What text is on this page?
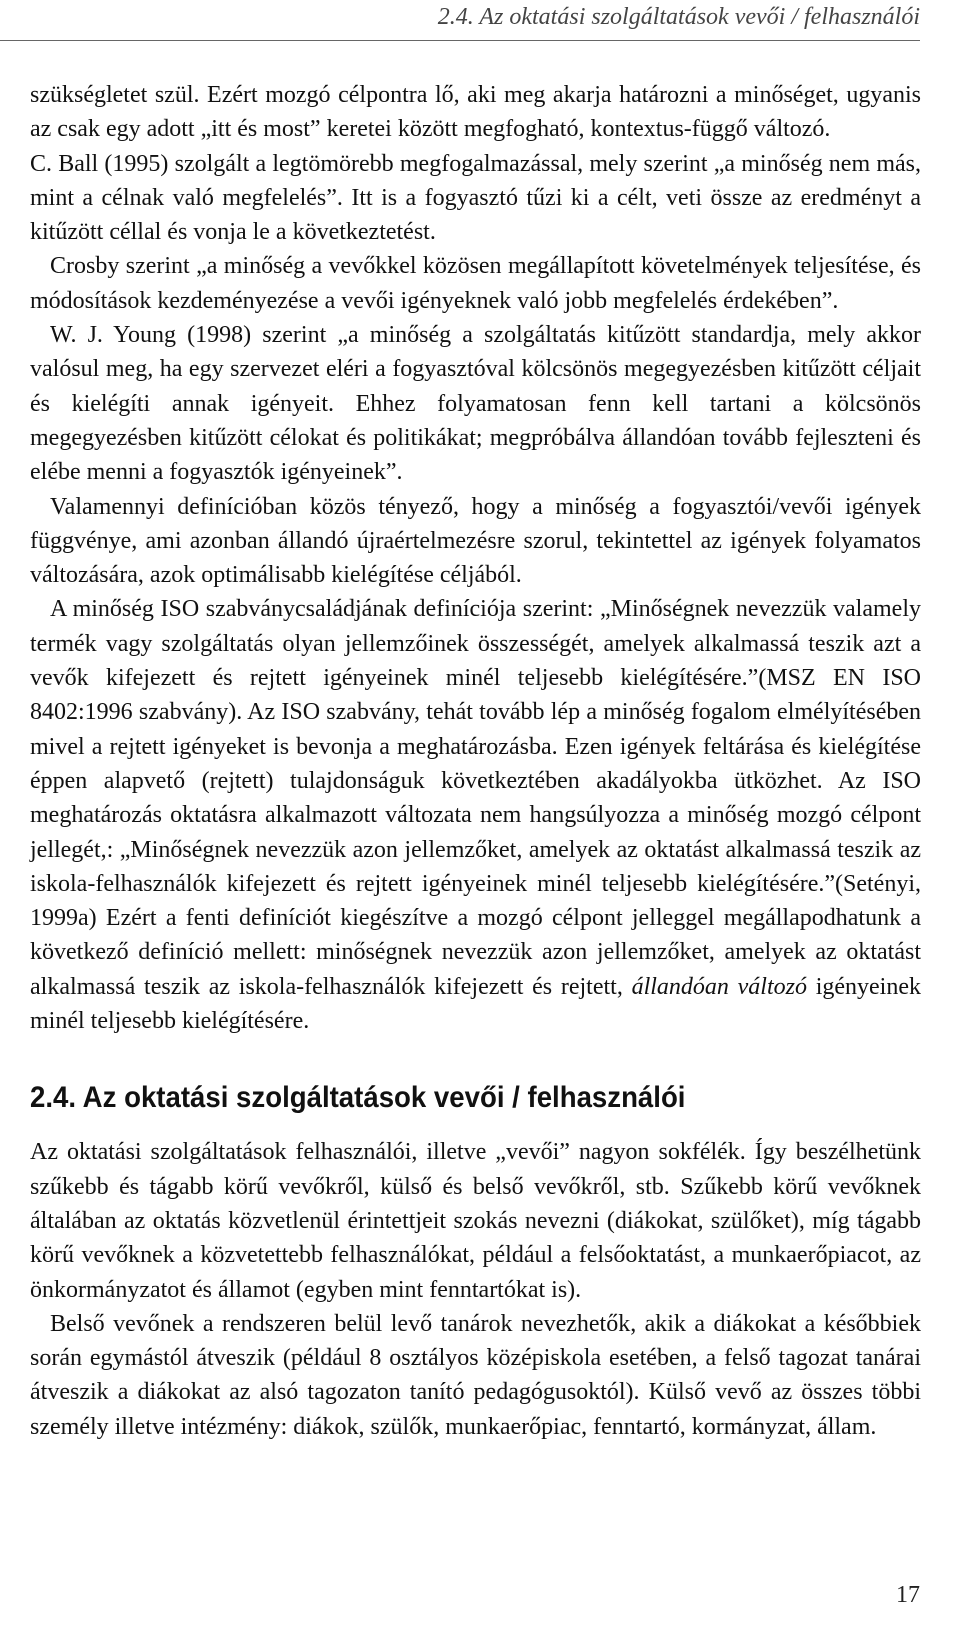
2.4. Az oktatási szolgáltatások vevői / felhasználói

szükségletet szül. Ezért mozgó célpontra lő, aki meg akarja határozni a minőséget, ugyanis az csak egy adott „itt és most” keretei között megfogható, kontextus-függő változó.

C. Ball (1995) szolgált a legtömörebb megfogalmazással, mely szerint „a minőség nem más, mint a célnak való megfelelés”. Itt is a fogyasztó tűzi ki a célt, veti össze az eredményt a kitűzött céllal és vonja le a következtetést.

Crosby szerint „a minőség a vevőkkel közösen megállapított követelmények teljesítése, és módosítások kezdeményezése a vevői igényeknek való jobb megfelelés érdekében”.

W. J. Young (1998) szerint „a minőség a szolgáltatás kitűzött standardja, mely akkor valósul meg, ha egy szervezet eléri a fogyasztóval kölcsönös megegyezésben kitűzött céljait és kielégíti annak igényeit. Ehhez folyamatosan fenn kell tartani a kölcsönös megegyezésben kitűzött célokat és politikákat; megpróbálva állandóan tovább fejleszteni és elébe menni a fogyasztók igényeinek”.

Valamennyi definícióban közös tényező, hogy a minőség a fogyasztói/vevői igények függvénye, ami azonban állandó újraértelmezésre szorul, tekintettel az igények folyamatos változására, azok optimálisabb kielégítése céljából.

A minőség ISO szabványcsaládjának definíciója szerint: „Minőségnek nevezzük valamely termék vagy szolgáltatás olyan jellemzőinek összességét, amelyek alkalmassá teszik azt a vevők kifejezett és rejtett igényeinek minél teljesebb kielégítésére.”(MSZ EN ISO 8402:1996 szabvány). Az ISO szabvány, tehát tovább lép a minőség fogalom elmélyítésében mivel a rejtett igényeket is bevonja a meghatározásba. Ezen igények feltárása és kielégítése éppen alapvető (rejtett) tulajdonságuk következtében akadályokba ütközhet. Az ISO meghatározás oktatásra alkalmazott változata nem hangsúlyozza a minőség mozgó célpont jellegét,: „Minőségnek nevezzük azon jellemzőket, amelyek az oktatást alkalmassá teszik az iskola-felhasználók kifejezett és rejtett igényeinek minél teljesebb kielégítésére.”(Setényi, 1999a) Ezért a fenti definíciót kiegészítve a mozgó célpont jelleggel megállapodhatunk a következő definíció mellett: minőségnek nevezzük azon jellemzőket, amelyek az oktatást alkalmassá teszik az iskola-felhasználók kifejezett és rejtett, állandóan változó igényeinek minél teljesebb kielégítésére.

2.4. Az oktatási szolgáltatások vevői / felhasználói

Az oktatási szolgáltatások felhasználói, illetve „vevői” nagyon sokfélék. Így beszélhetünk szűkebb és tágabb körű vevőkről, külső és belső vevőkről, stb. Szűkebb körű vevőknek általában az oktatás közvetlenül érintettjeit szokás nevezni (diákokat, szülőket), míg tágabb körű vevőknek a közvetettebb felhasználókat, például a felsőoktatást, a munkaerőpiacot, az önkormányzatot és államot (egyben mint fenntartókat is).

Belső vevőnek a rendszeren belül levő tanárok nevezhetők, akik a diákokat a későbbiek során egymástól átveszik (például 8 osztályos középiskola esetében, a felső tagozat tanárai átveszik a diákokat az alsó tagozaton tanító pedagógusoktól). Külső vevő az összes többi személy illetve intézmény: diákok, szülők, munkaerőpiac, fenntartó, kormányzat, állam.

17
